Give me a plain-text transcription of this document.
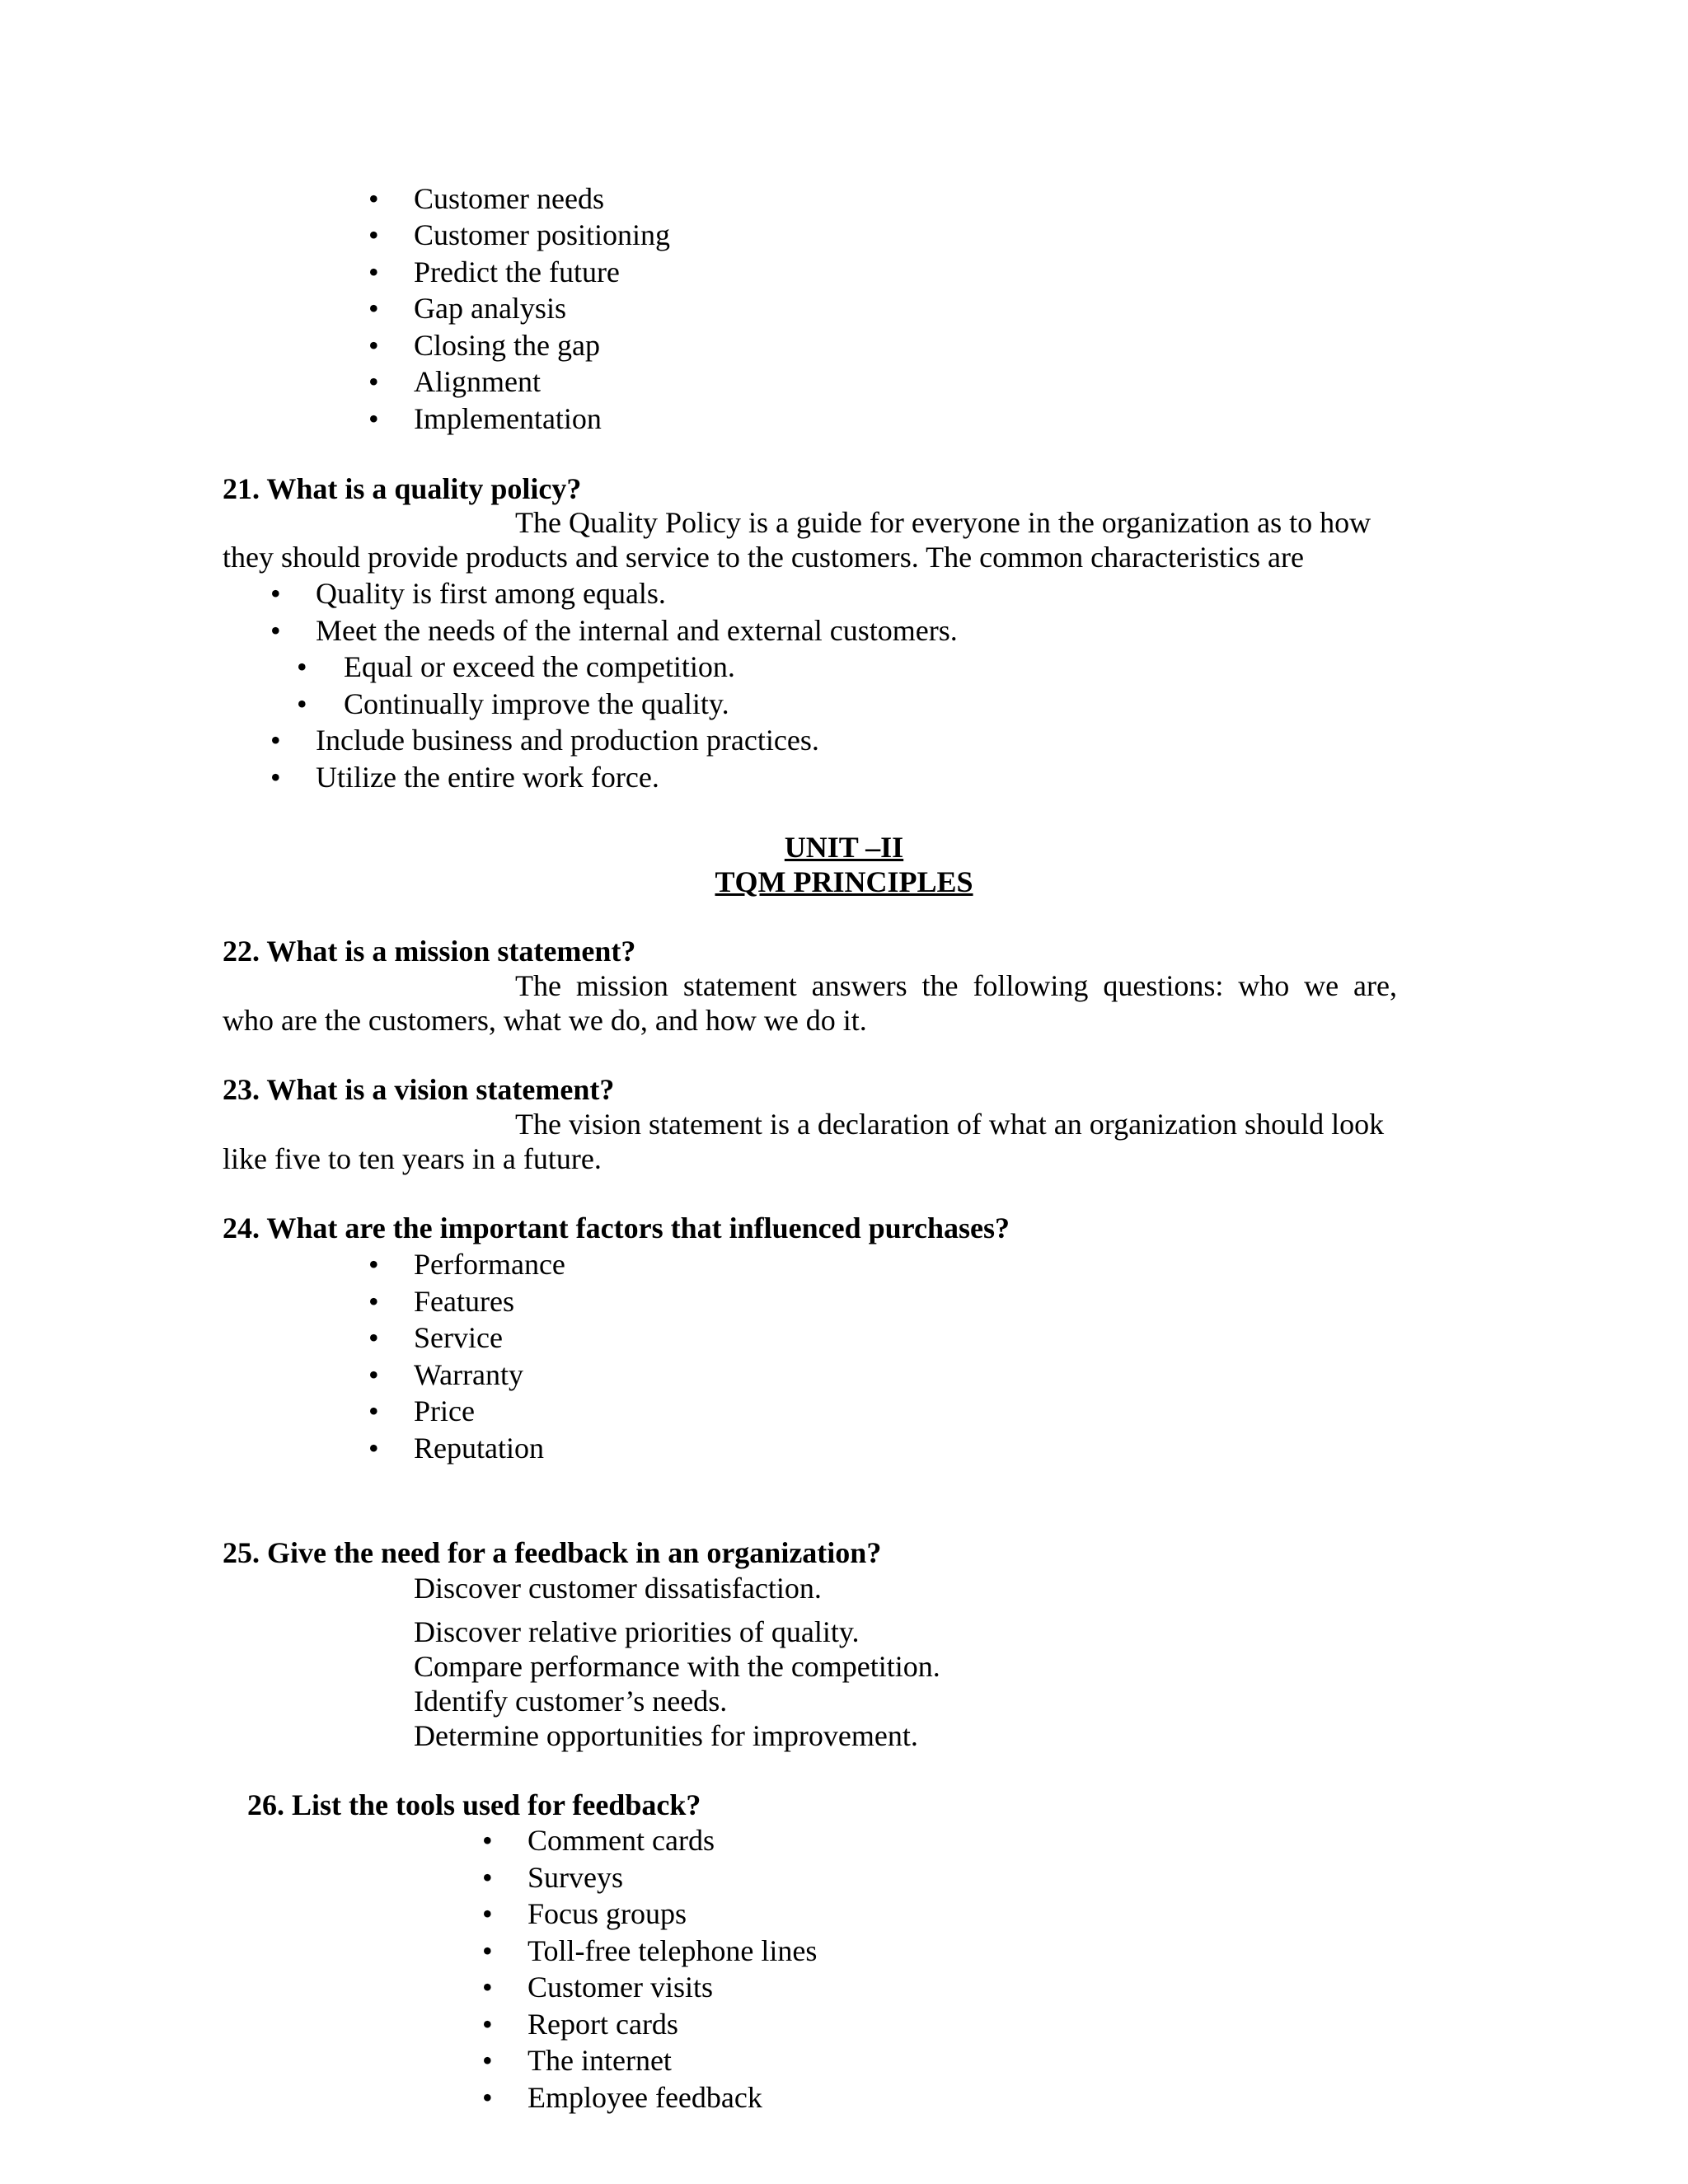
•	Customer needs
•	Customer positioning
•	Predict the future
•	Gap analysis
•	Closing the gap
•	Alignment
•	Implementation
21. What is a quality policy?
The Quality Policy is a guide for everyone in the organization as to how
they should provide products and service to the customers. The common characteristics are
•	Quality is first among equals.
•	Meet the needs of the internal and external customers.
•	Equal or exceed the competition.
•	Continually improve the quality.
•	Include business and production practices.
•	Utilize the entire work force.
UNIT –II
TQM PRINCIPLES
22. What is a mission statement?
The mission statement answers the following questions: who we are,
who are the customers, what we do, and how we do it.
23. What is a vision statement?
The vision statement is a declaration of what an organization should look
like five to ten years in a future.
24. What are the important factors that influenced purchases?
•	Performance
•	Features
•	Service
•	Warranty
•	Price
•	Reputation
25. Give the need for a feedback in an organization?
Discover customer dissatisfaction.
Discover relative priorities of quality.
Compare performance with the competition.
Identify customer’s needs.
Determine opportunities for improvement.
26. List the tools used for feedback?
•	Comment cards
•	Surveys
•	Focus groups
•	Toll-free telephone lines
•	Customer visits
•	Report cards
•	The internet
•	Employee feedback
